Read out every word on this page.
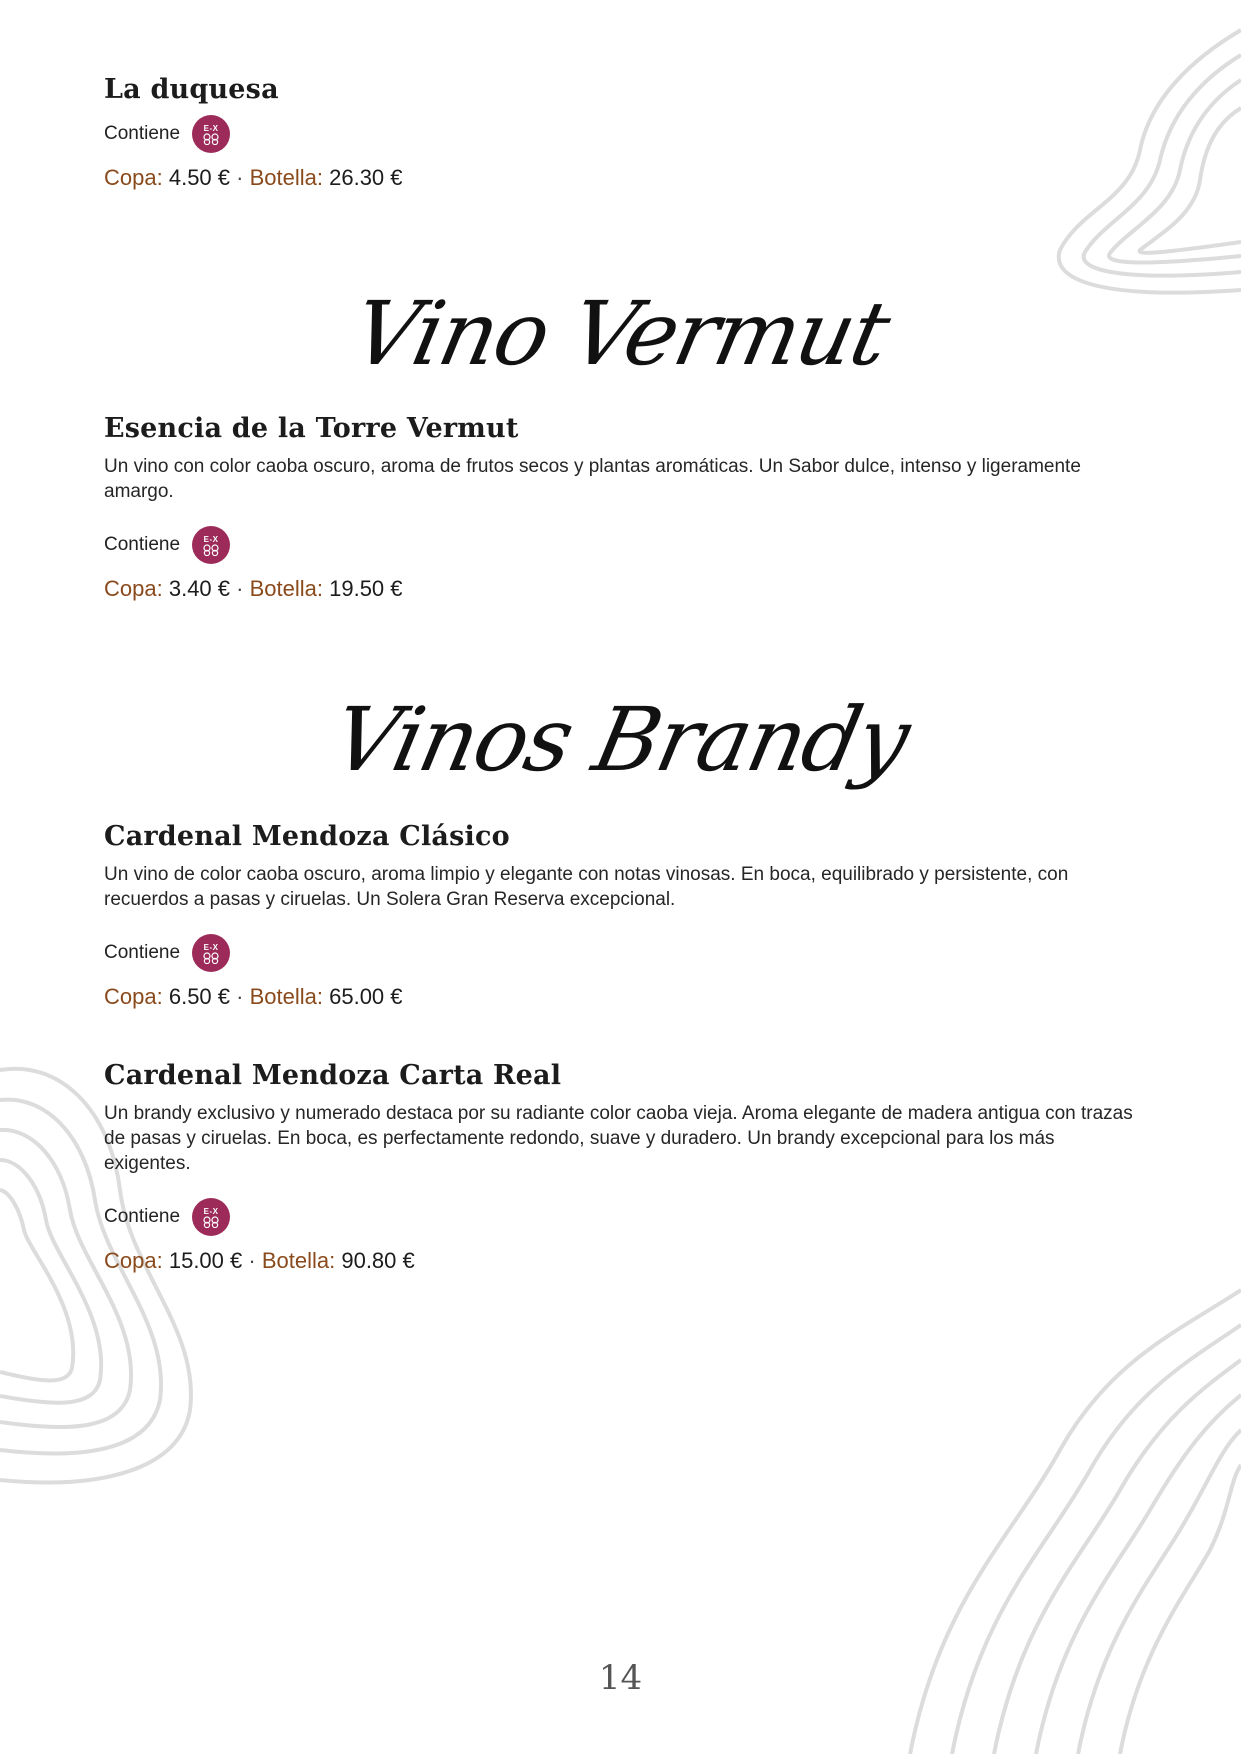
La duquesa
Contiene	E-X
Copa: 4.50 € · Botella: 26.30 €
Esencia de la Torre Vermut

Un vino con color caoba oscuro, aroma de frutos secos y plantas aromáticas. Un Sabor dulce, intenso y ligeramente amargo.

Contiene	E-X
Copa: 3.40 € · Botella: 19.50 €
Cardenal Mendoza Clásico

Un vino de color caoba oscuro, aroma limpio y elegante con notas vinosas. En boca, equilibrado y persistente, con recuerdos a pasas y ciruelas. Un Solera Gran Reserva excepcional.

Contiene	E-X
Copa: 6.50 € · Botella: 65.00 €
Cardenal Mendoza Carta Real

Un brandy exclusivo y numerado destaca por su radiante color caoba vieja. Aroma elegante de madera antigua con trazas de pasas y ciruelas. En boca, es perfectamente redondo, suave y duradero. Un brandy excepcional para los más exigentes.

Contiene	E-X
Copa: 15.00 € · Botella: 90.80 €
Vino Vermut
Vinos Brandy
14
